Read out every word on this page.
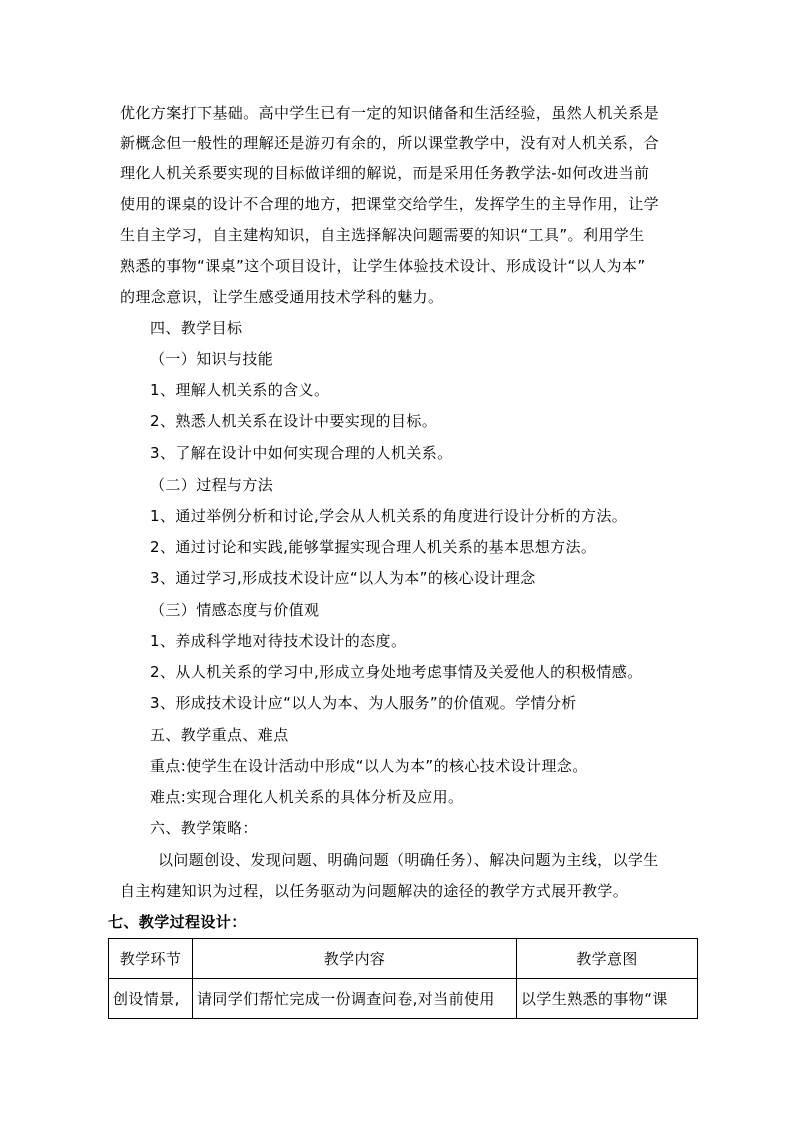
优化方案打下基础。高中学生已有一定的知识储备和生活经验，虽然人机关系是
新概念但一般性的理解还是游刃有余的，所以课堂教学中，没有对人机关系，合
理化人机关系要实现的目标做详细的解说，而是采用任务教学法-如何改进当前
使用的课桌的设计不合理的地方，把课堂交给学生，发挥学生的主导作用，让学
生自主学习，自主建构知识，自主选择解决问题需要的知识“工具”。利用学生
熟悉的事物“课桌”这个项目设计，让学生体验技术设计、形成设计“以人为本”
的理念意识，让学生感受通用技术学科的魅力。
四、教学目标
（一）知识与技能
1、理解人机关系的含义。
2、熟悉人机关系在设计中要实现的目标。
3、了解在设计中如何实现合理的人机关系。
（二）过程与方法
1、通过举例分析和讨论,学会从人机关系的角度进行设计分析的方法。
2、通过讨论和实践,能够掌握实现合理人机关系的基本思想方法。
3、通过学习,形成技术设计应“以人为本”的核心设计理念
（三）情感态度与价值观
1、养成科学地对待技术设计的态度。
2、从人机关系的学习中,形成立身处地考虑事情及关爱他人的积极情感。
3、形成技术设计应“以人为本、为人服务”的价值观。学情分析
五、教学重点、难点
重点:使学生在设计活动中形成“以人为本”的核心技术设计理念。
难点:实现合理化人机关系的具体分析及应用。
六、教学策略：
以问题创设、发现问题、明确问题（明确任务）、解决问题为主线，以学生
自主构建知识为过程，以任务驱动为问题解决的途径的教学方式展开教学。
七、教学过程设计：
教学环节	教学内容	教学意图
创设情景,	请同学们帮忙完成一份调查问卷,对当前使用	以学生熟悉的事物“课
